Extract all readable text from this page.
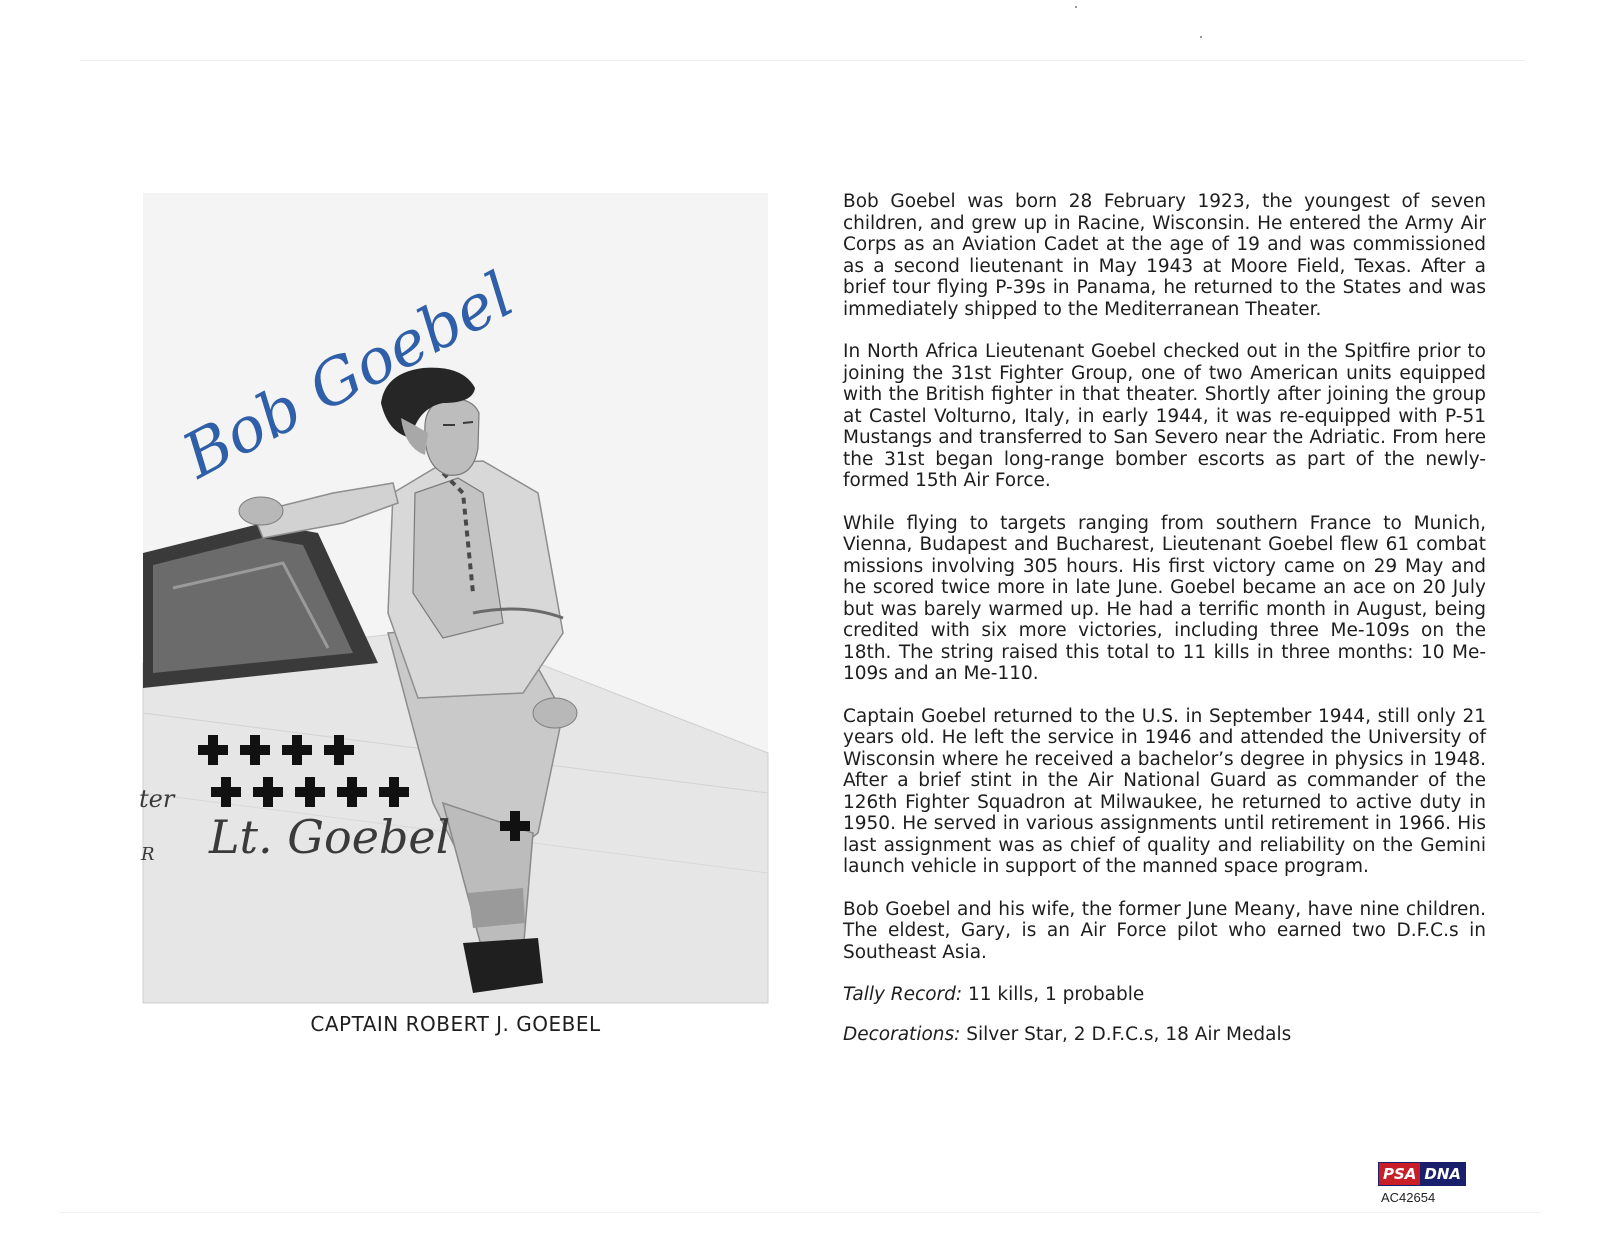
Lt. Goebel
ter
R
Bob Goebel
CAPTAIN ROBERT J. GOEBEL

Bob Goebel was born 28 February 1923, the youngest of seven children, and grew up in Racine, Wisconsin. He entered the Army Air Corps as an Aviation Cadet at the age of 19 and was commissioned as a second lieutenant in May 1943 at Moore Field, Texas. After a brief tour flying P-39s in Panama, he returned to the States and was immediately shipped to the Mediterranean Theater.

In North Africa Lieutenant Goebel checked out in the Spitfire prior to joining the 31st Fighter Group, one of two American units equipped with the British fighter in that theater. Shortly after joining the group at Castel Volturno, Italy, in early 1944, it was re-equipped with P-51 Mustangs and transferred to San Severo near the Adriatic. From here the 31st began long-range bomber escorts as part of the newly-formed 15th Air Force.

While flying to targets ranging from southern France to Munich, Vienna, Budapest and Bucharest, Lieutenant Goebel flew 61 combat missions involving 305 hours. His first victory came on 29 May and he scored twice more in late June. Goebel became an ace on 20 July but was barely warmed up. He had a terrific month in August, being credited with six more victories, including three Me-109s on the 18th. The string raised this total to 11 kills in three months: 10 Me-109s and an Me-110.

Captain Goebel returned to the U.S. in September 1944, still only 21 years old. He left the service in 1946 and attended the University of Wisconsin where he received a bachelor’s degree in physics in 1948. After a brief stint in the Air National Guard as commander of the 126th Fighter Squadron at Milwaukee, he returned to active duty in 1950. He served in various assignments until retirement in 1966. His last assignment was as chief of quality and reliability on the Gemini launch vehicle in support of the manned space program.

Bob Goebel and his wife, the former June Meany, have nine children. The eldest, Gary, is an Air Force pilot who earned two D.F.C.s in Southeast Asia.

Tally Record: 11 kills, 1 probable
Decorations: Silver Star, 2 D.F.C.s, 18 Air Medals
PSA DNA
AC42654
